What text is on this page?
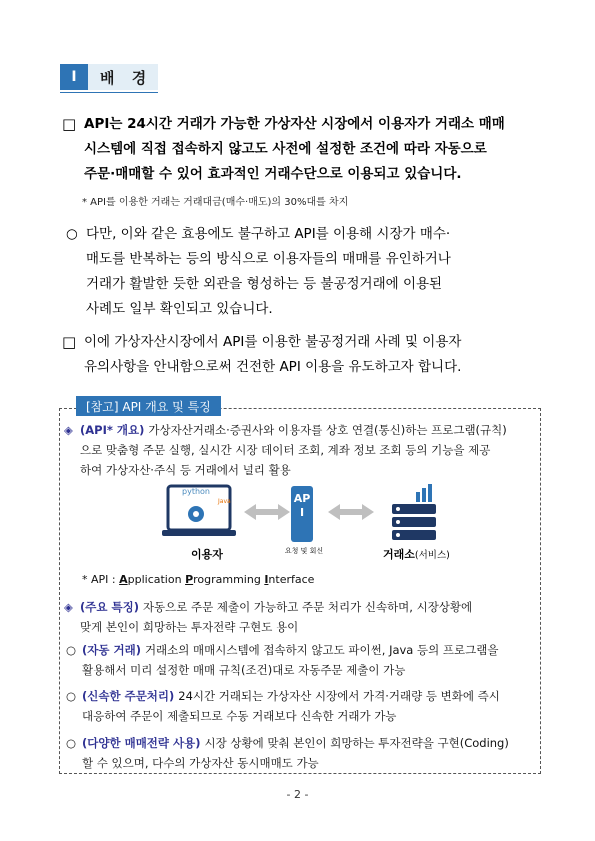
Ⅰ	배 경
□ API는 24시간 거래가 가능한 가상자산 시장에서 이용자가 거래소 매매
시스템에 직접 접속하지 않고도 사전에 설정한 조건에 따라 자동으로
주문·매매할 수 있어 효과적인 거래수단으로 이용되고 있습니다.
* API를 이용한 거래는 거래대금(매수·매도)의 30%대를 차지
○ 다만, 이와 같은 효용에도 불구하고 API를 이용해 시장가 매수·
매도를 반복하는 등의 방식으로 이용자들의 매매를 유인하거나
거래가 활발한 듯한 외관을 형성하는 등 불공정거래에 이용된
사례도 일부 확인되고 있습니다.
□ 이에 가상자산시장에서 API를 이용한 불공정거래 사례 및 이용자
유의사항을 안내함으로써 건전한 API 이용을 유도하고자 합니다.
[참고] API 개요 및 특징
◈ (API* 개요) 가상자산거래소·증권사와 이용자를 상호 연결(통신)하는 프로그램(규칙)
으로 맞춤형 주문 실행, 실시간 시장 데이터 조회, 계좌 정보 조회 등의 기능을 제공
하여 가상자산·주식 등 거래에서 널리 활용
python
Java	API
이용자	요청 및 회신	거래소(서비스)
* API : Application Programming Interface
◈ (주요 특징) 자동으로 주문 제출이 가능하고 주문 처리가 신속하며, 시장상황에
맞게 본인이 희망하는 투자전략 구현도 용이
○ (자동 거래) 거래소의 매매시스템에 접속하지 않고도 파이썬, Java 등의 프로그램을
활용해서 미리 설정한 매매 규칙(조건)대로 자동주문 제출이 가능
○ (신속한 주문처리) 24시간 거래되는 가상자산 시장에서 가격·거래량 등 변화에 즉시
대응하여 주문이 제출되므로 수동 거래보다 신속한 거래가 가능
○ (다양한 매매전략 사용) 시장 상황에 맞춰 본인이 희망하는 투자전략을 구현(Coding)
할 수 있으며, 다수의 가상자산 동시매매도 가능
- 2 -
